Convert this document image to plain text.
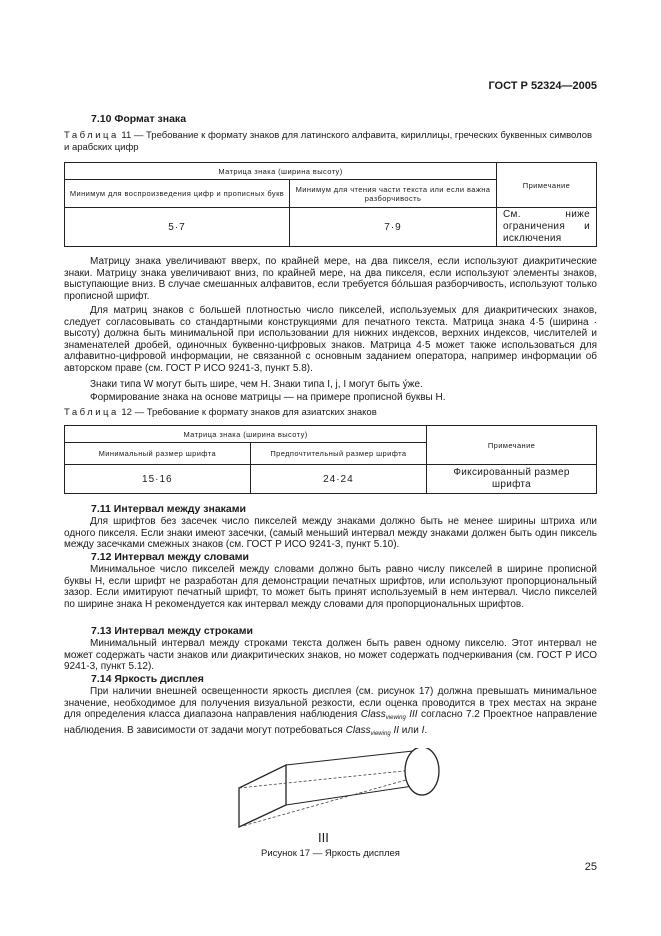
ГОСТ Р 52324—2005
7.10 Формат знака
Таблица 11 — Требование к формату знаков для латинского алфавита, кириллицы, греческих буквенных символов и арабских цифр
Матрица знака (ширина высоту)		Примечание
Минимум для воспроизведения цифр и прописных букв	Минимум для чтения части текста или если важна разборчивость	
5·7	7·9	См. ниже ограничения и исключения
Матрицу знака увеличивают вверх, по крайней мере, на два пикселя, если используют диакритические знаки. Матрицу знака увеличивают вниз, по крайней мере, на два пикселя, если используют элементы знаков, выступающие вниз. В случае смешанных алфавитов, если требуется бо́льшая разборчивость, используют только прописной шрифт.
Для матриц знаков с большей плотностью число пикселей, используемых для диакритических знаков, следует согласовывать со стандартными конструкциями для печатного текста. Матрица знака 4·5 (ширина · высоту) должна быть минимальной при использовании для нижних индексов, верхних индексов, числителей и знаменателей дробей, одиночных буквенно-цифровых знаков. Матрица 4·5 может также использоваться для алфавитно-цифровой информации, не связанной с основным заданием оператора, например информации об авторском праве (см. ГОСТ Р ИСО 9241-3, пункт 5.8).
Знаки типа W могут быть шире, чем Н. Знаки типа I, j, I могут быть у́же.
Формирование знака на основе матрицы — на примере прописной буквы Н.
Таблица 12 — Требование к формату знаков для азиатских знаков
Матрица знака (ширина высоту)		Примечание
Минимальный размер шрифта	Предпочтительный размер шрифта	
15·16	24·24	Фиксированный размер шрифта
7.11 Интервал между знаками
Для шрифтов без засечек число пикселей между знаками должно быть не менее ширины штриха или одного пикселя. Если знаки имеют засечки, (самый меньший интервал между знаками должен быть один пиксель между засечками смежных знаков (см. ГОСТ Р ИСО 9241-3, пункт 5.10).
7.12 Интервал между словами
Минимальное число пикселей между словами должно быть равно числу пикселей в ширине прописной буквы Н, если шрифт не разработан для демонстрации печатных шрифтов, или используют пропорциональный зазор. Если имитируют печатный шрифт, то может быть принят используемый в нем интервал. Число пикселей по ширине знака Н рекомендуется как интервал между словами для пропорциональных шрифтов.
7.13 Интервал между строками
Минимальный интервал между строками текста должен быть равен одному пикселю. Этот интервал не может содержать части знаков или диакритических знаков, но может содержать подчеркивания (см. ГОСТ Р ИСО 9241-3, пункт 5.12).
7.14 Яркость дисплея
При наличии внешней освещенности яркость дисплея (см. рисунок 17) должна превышать минимальное значение, необходимое для получения визуальной резкости, если оценка проводится в трех местах на экране для определения класса диапазона направления наблюдения Class$_{viewing}$ III согласно 7.2 Проектное направление наблюдения. В зависимости от задачи могут потребоваться Class$_{viewing}$ II или I.
III
Рисунок 17 — Яркость дисплея
25
